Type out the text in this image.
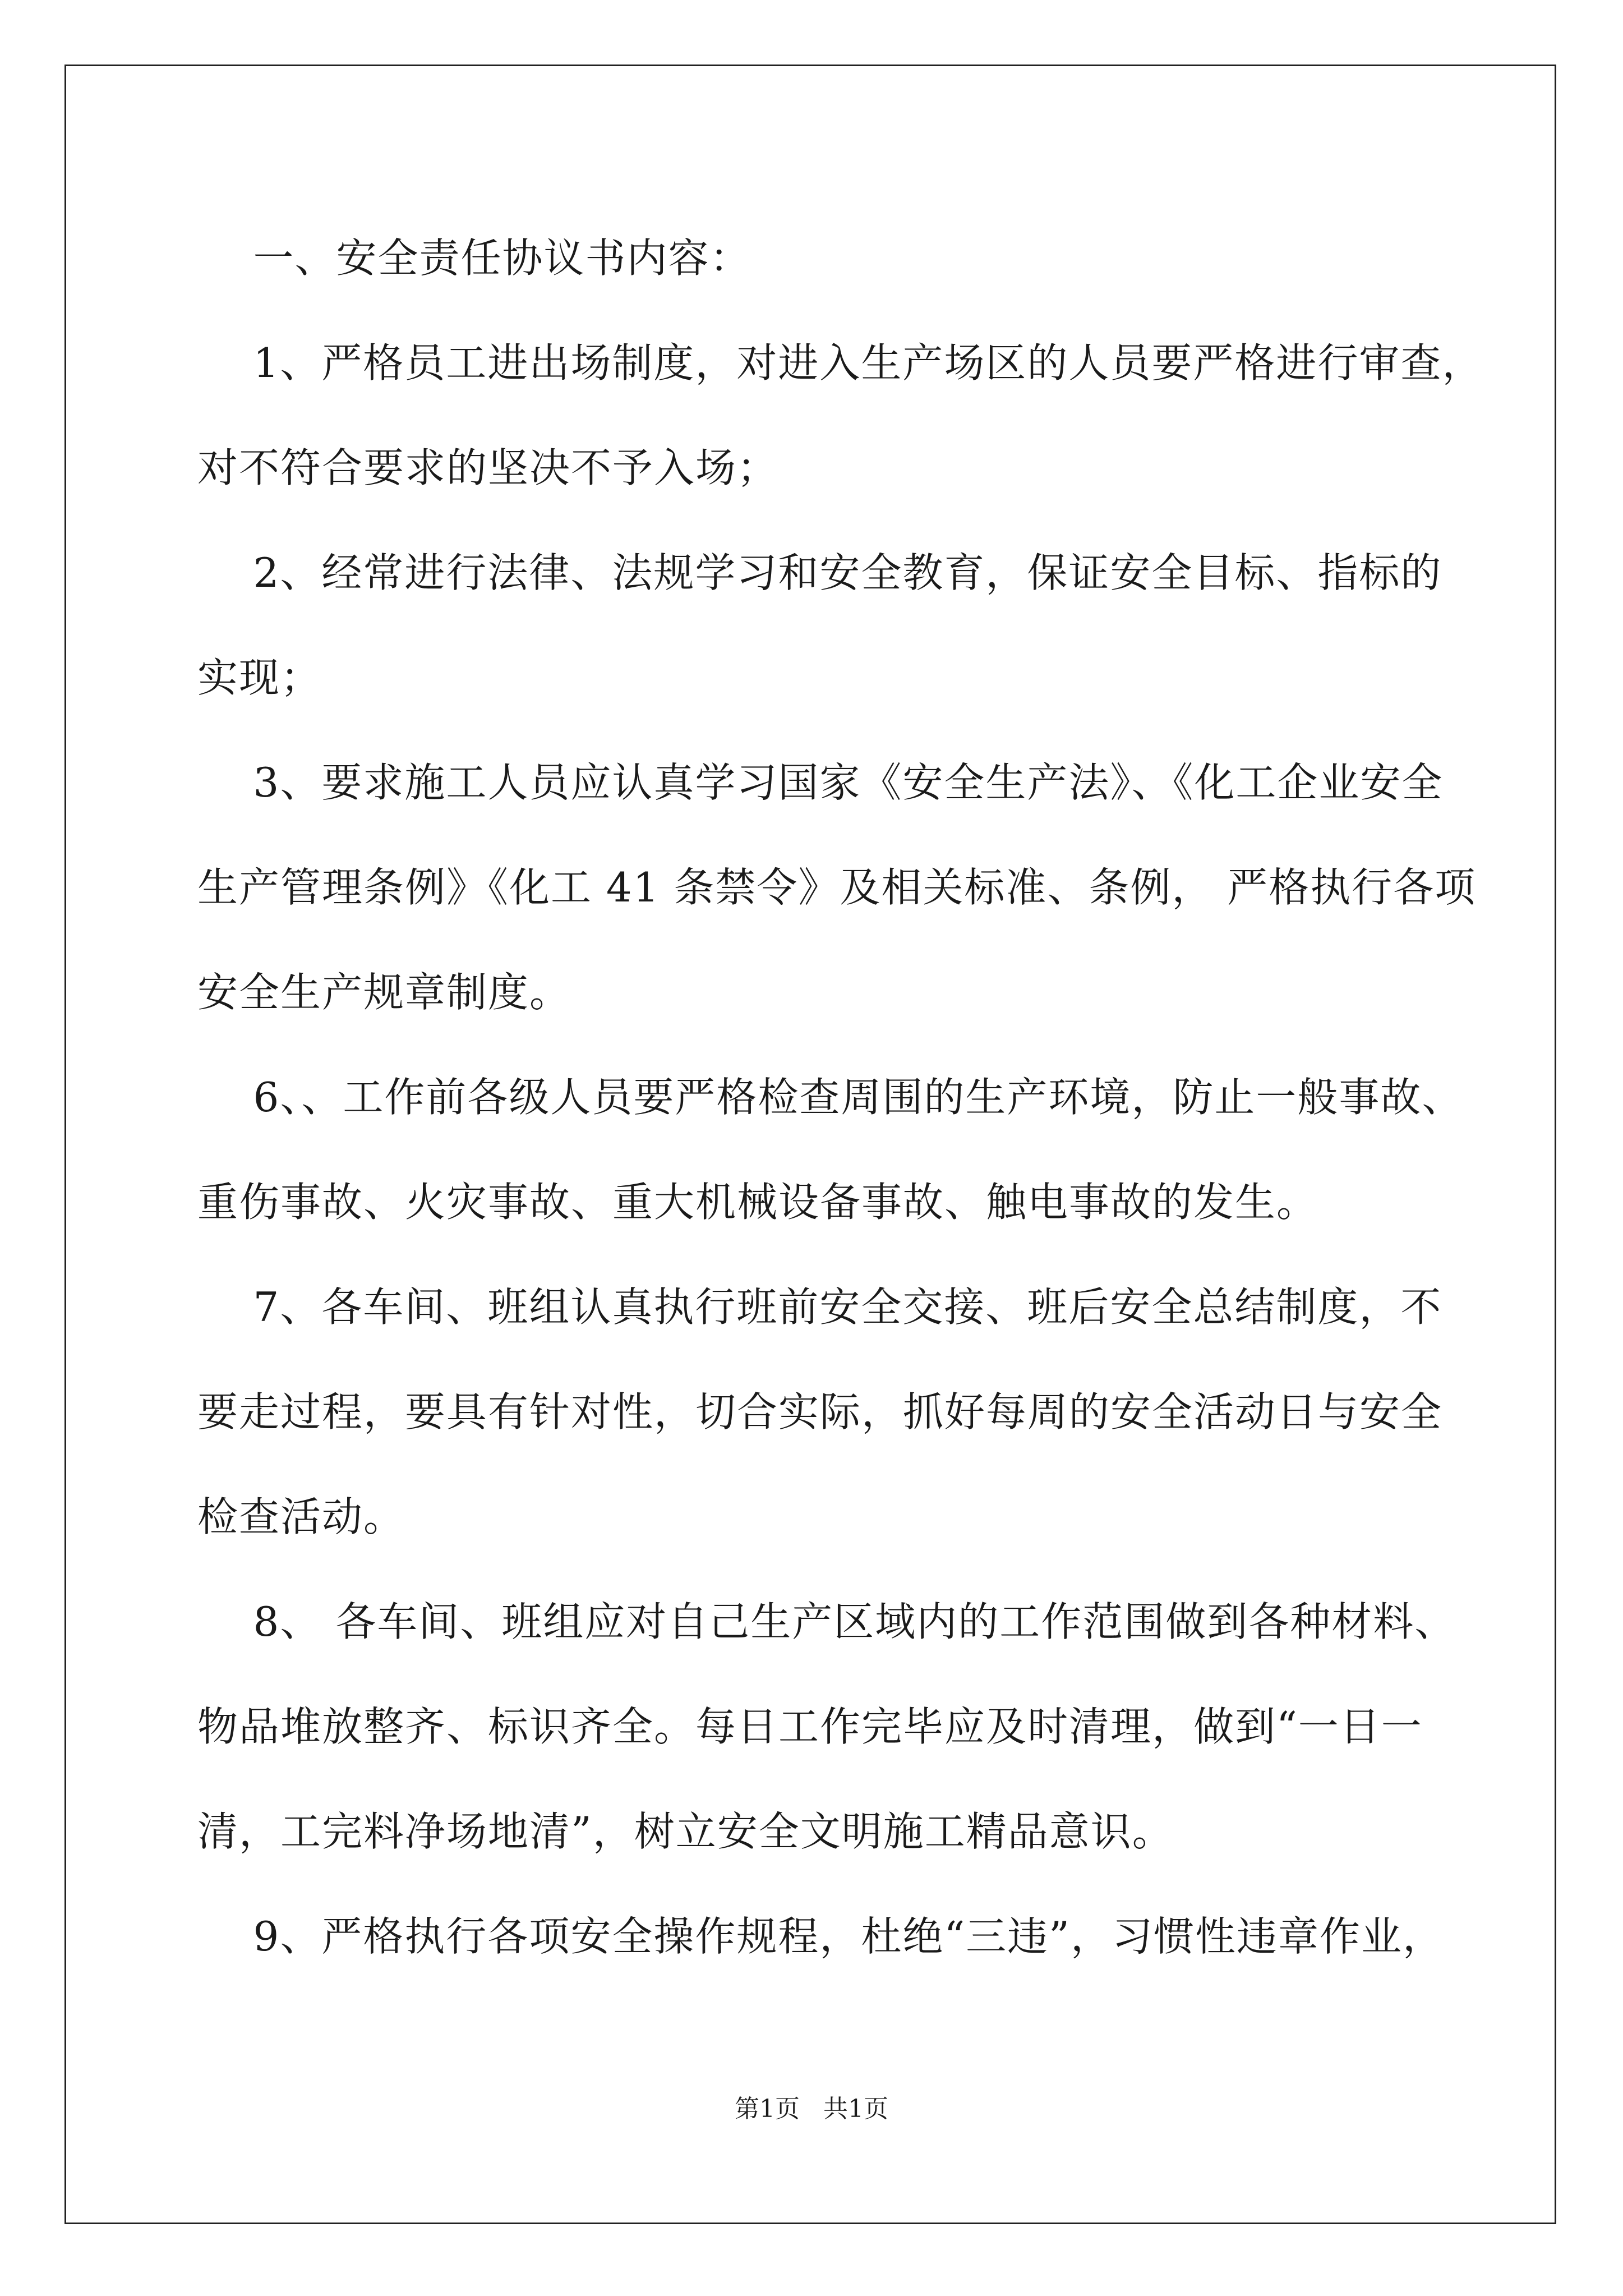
一、安全责任协议书内容：
1、严格员工进出场制度，对进入生产场区的人员要严格进行审查，
对不符合要求的坚决不予入场；
2、经常进行法律、法规学习和安全教育，保证安全目标、指标的
实现；
3、要求施工人员应认真学习国家《安全生产法》、《化工企业安全
生产管理条例》《化工 41 条禁令》及相关标准、条例， 严格执行各项
安全生产规章制度。
6、、工作前各级人员要严格检查周围的生产环境，防止一般事故、
重伤事故、火灾事故、重大机械设备事故、触电事故的发生。
7、各车间、班组认真执行班前安全交接、班后安全总结制度，不
要走过程，要具有针对性，切合实际，抓好每周的安全活动日与安全
检查活动。
8、 各车间、班组应对自己生产区域内的工作范围做到各种材料、
物品堆放整齐、标识齐全。每日工作完毕应及时清理，做到“一日一
清，工完料净场地清”，树立安全文明施工精品意识。
9、严格执行各项安全操作规程，杜绝“三违”，习惯性违章作业，
第1页   共1页
